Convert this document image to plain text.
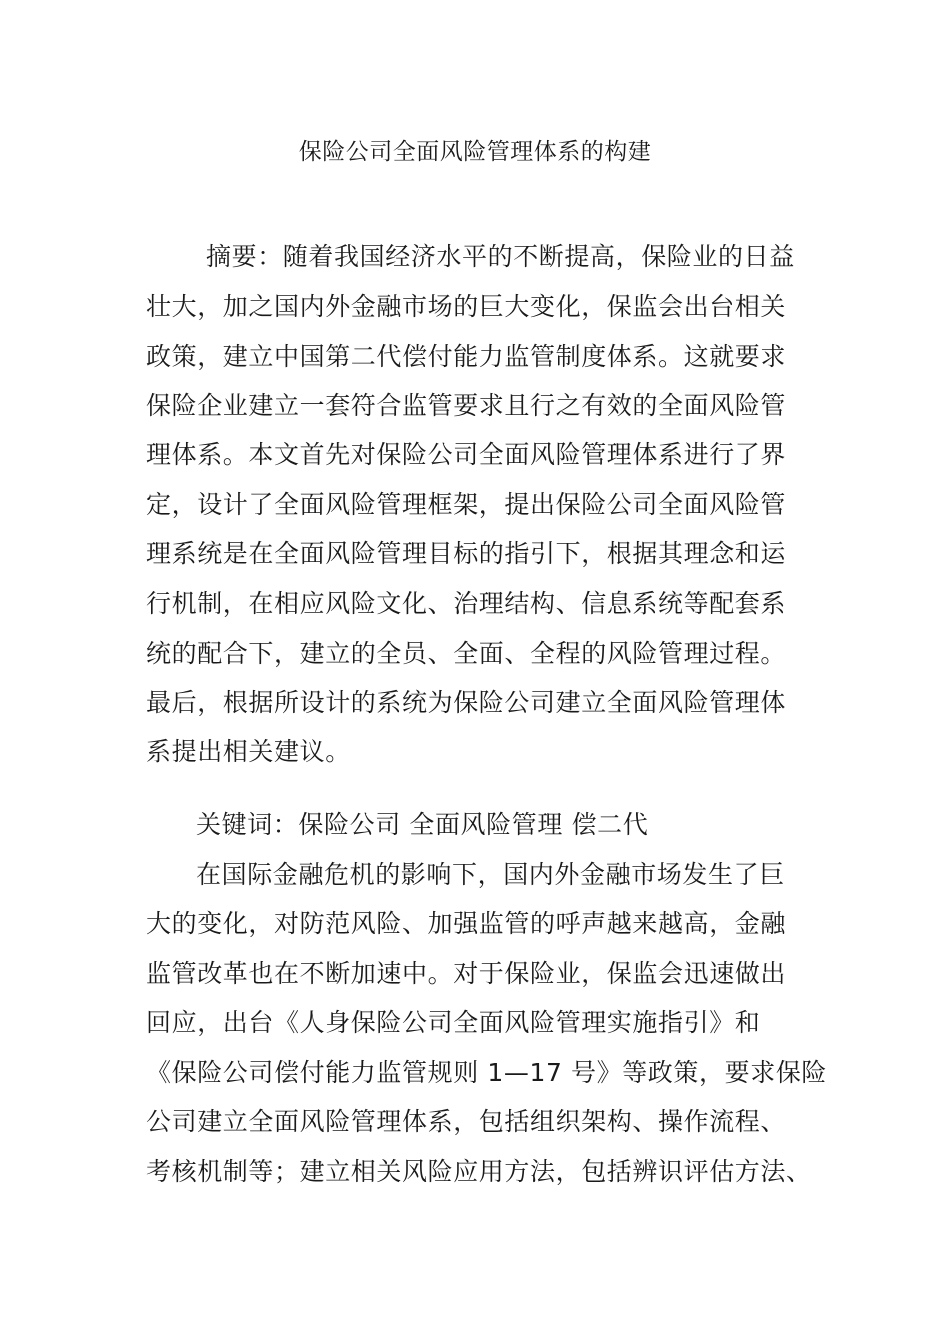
保险公司全面风险管理体系的构建
摘要：随着我国经济水平的不断提高，保险业的日益
壮大，加之国内外金融市场的巨大变化，保监会出台相关
政策，建立中国第二代偿付能力监管制度体系。这就要求
保险企业建立一套符合监管要求且行之有效的全面风险管
理体系。本文首先对保险公司全面风险管理体系进行了界
定，设计了全面风险管理框架，提出保险公司全面风险管
理系统是在全面风险管理目标的指引下，根据其理念和运
行机制，在相应风险文化、治理结构、信息系统等配套系
统的配合下，建立的全员、全面、全程的风险管理过程。
最后，根据所设计的系统为保险公司建立全面风险管理体
系提出相关建议。
关键词：保险公司 全面风险管理 偿二代
在国际金融危机的影响下，国内外金融市场发生了巨
大的变化，对防范风险、加强监管的呼声越来越高，金融
监管改革也在不断加速中。对于保险业，保监会迅速做出
回应，出台《人身保险公司全面风险管理实施指引》和
《保险公司偿付能力监管规则 1—17 号》等政策，要求保险
公司建立全面风险管理体系，包括组织架构、操作流程、
考核机制等；建立相关风险应用方法，包括辨识评估方法、
